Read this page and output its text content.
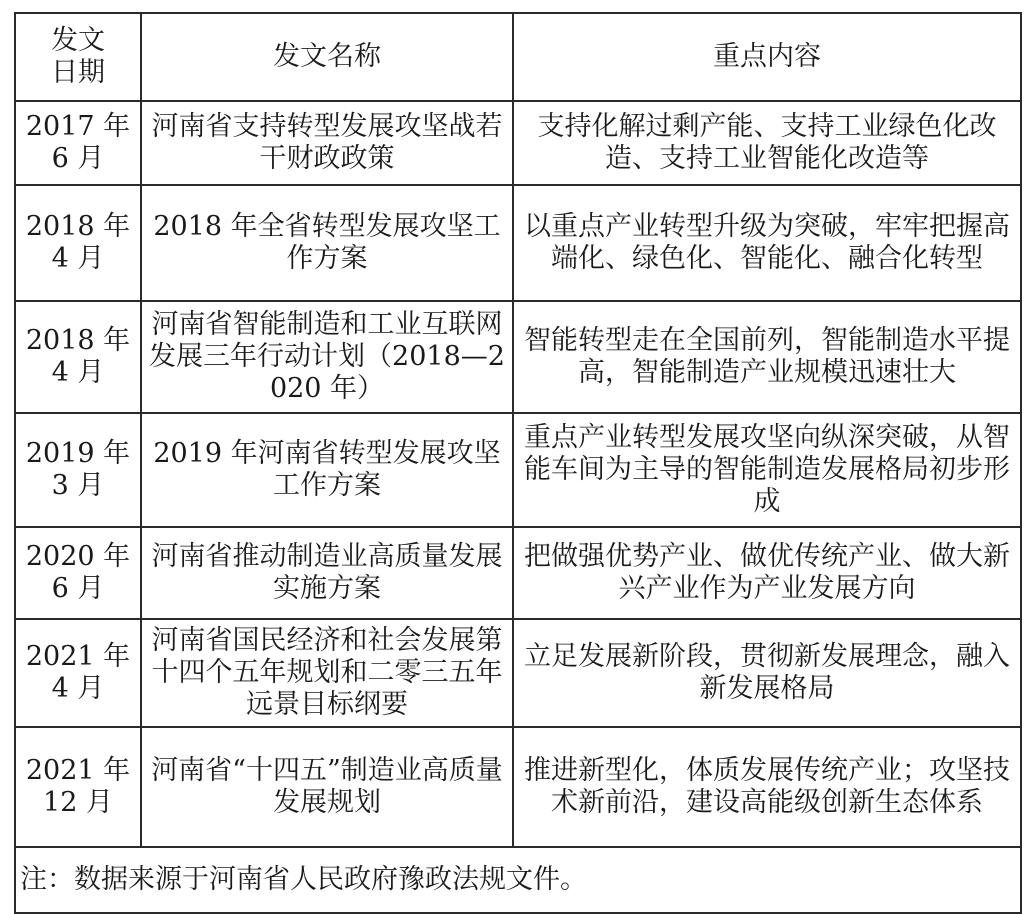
发文
日期	发文名称	重点内容

2017 年
6 月	河南省支持转型发展攻坚战若干财政政策	支持化解过剩产能、支持工业绿色化改造、支持工业智能化改造等

2018 年
4 月	2018 年全省转型发展攻坚工作方案	以重点产业转型升级为突破，牢牢把握高端化、绿色化、智能化、融合化转型

2018 年
4 月	河南省智能制造和工业互联网发展三年行动计划（2018—2020 年）	智能转型走在全国前列，智能制造水平提高，智能制造产业规模迅速壮大

2019 年
3 月	2019 年河南省转型发展攻坚工作方案	重点产业转型发展攻坚向纵深突破，从智能车间为主导的智能制造发展格局初步形成

2020 年
6 月	河南省推动制造业高质量发展实施方案	把做强优势产业、做优传统产业、做大新兴产业作为产业发展方向

2021 年
4 月	河南省国民经济和社会发展第十四个五年规划和二零三五年远景目标纲要	立足发展新阶段，贯彻新发展理念，融入新发展格局

2021 年
12 月	河南省“十四五”制造业高质量发展规划	推进新型化，体质发展传统产业；攻坚技术新前沿，建设高能级创新生态体系
注：数据来源于河南省人民政府豫政法规文件。		
